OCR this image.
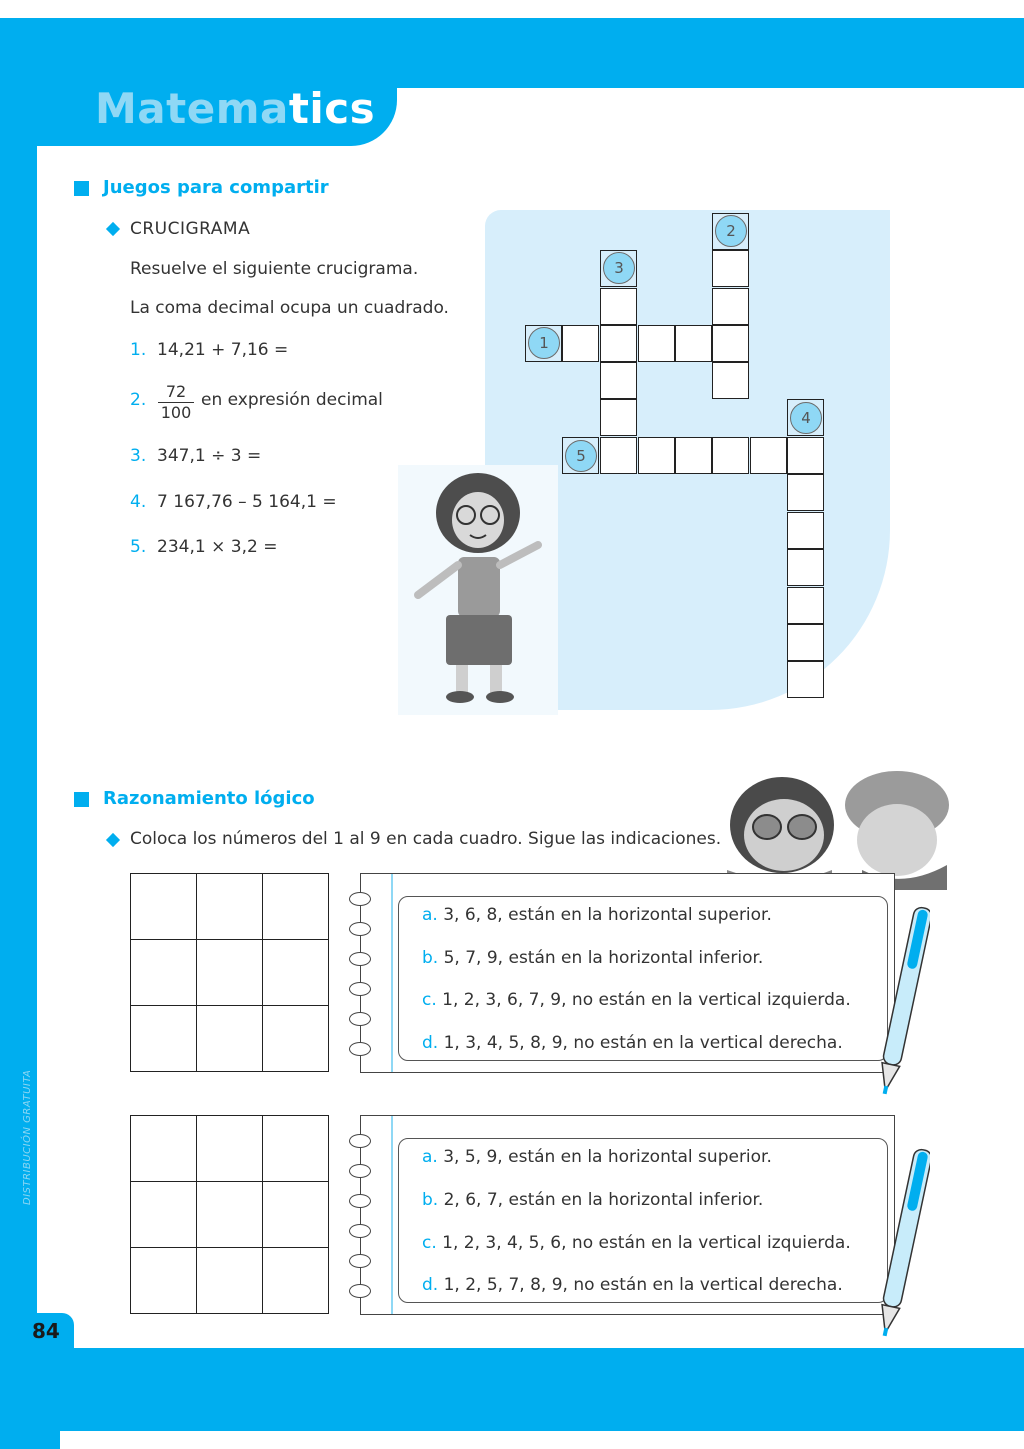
Matematics
84
DISTRIBUCIÓN GRATUITA
Juegos para compartir
CRUCIGRAMA
Resuelve el siguiente crucigrama.
La coma decimal ocupa un cuadrado.
1. 14,21 + 7,16 =
2. $\frac{72}{100}$ en expresión decimal
3. 347,1 ÷ 3 =
4. 7 167,76 – 5 164,1 =
5. 234,1 × 3,2 =
1
2
3
4
5
Razonamiento lógico
Coloca los números del 1 al 9 en cada cuadro. Sigue las indicaciones.

a. 3, 6, 8, están en la horizontal superior.
b. 5, 7, 9, están en la horizontal inferior.
c. 1, 2, 3, 6, 7, 9, no están en la vertical izquierda.
d. 1, 3, 4, 5, 8, 9, no están en la vertical derecha.

a. 3, 5, 9, están en la horizontal superior.
b. 2, 6, 7, están en la horizontal inferior.
c. 1, 2, 3, 4, 5, 6, no están en la vertical izquierda.
d. 1, 2, 5, 7, 8, 9, no están en la vertical derecha.
